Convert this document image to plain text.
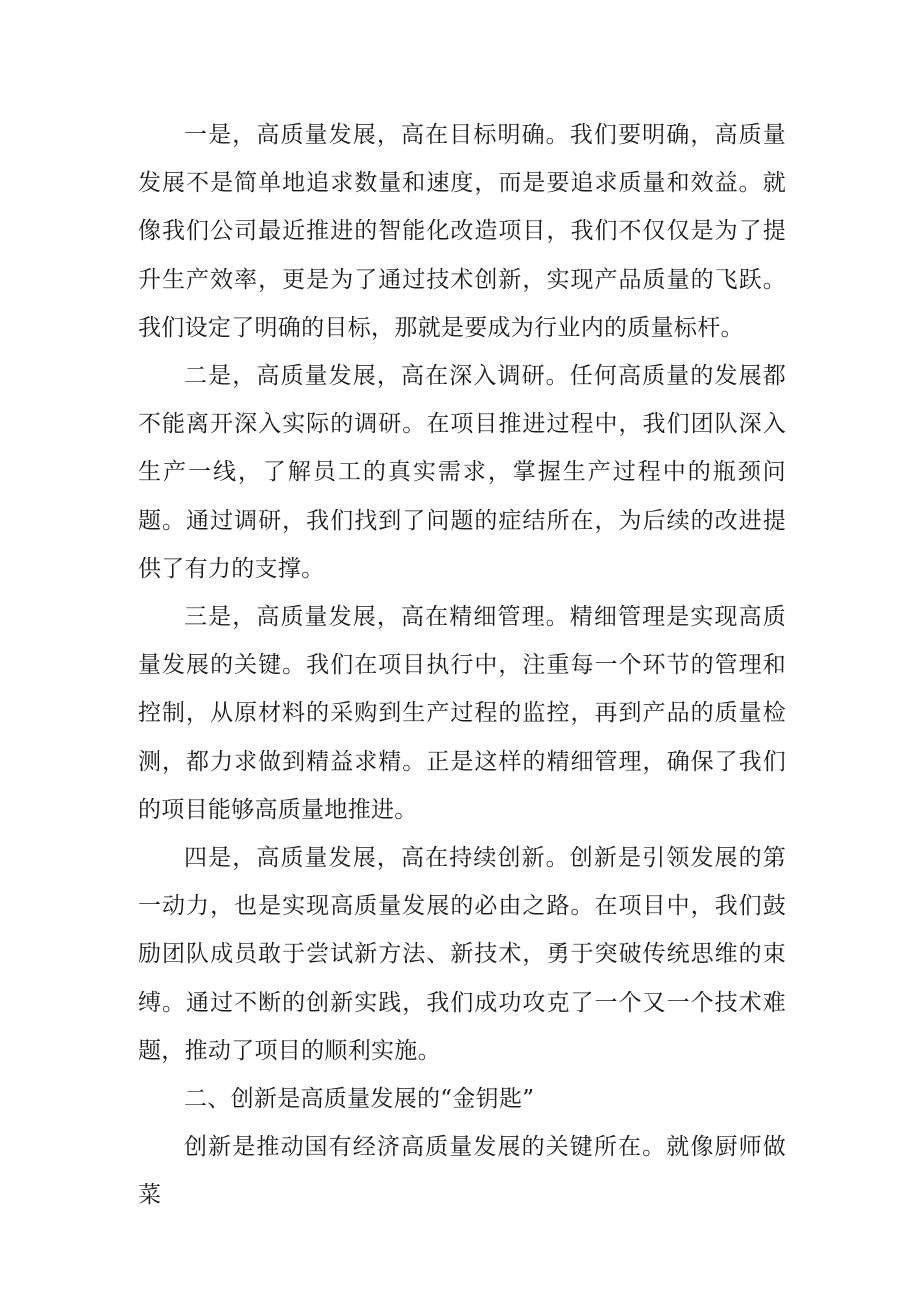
一是，高质量发展，高在目标明确。我们要明确，高质量发展不是简单地追求数量和速度，而是要追求质量和效益。就像我们公司最近推进的智能化改造项目，我们不仅仅是为了提升生产效率，更是为了通过技术创新，实现产品质量的飞跃。我们设定了明确的目标，那就是要成为行业内的质量标杆。

二是，高质量发展，高在深入调研。任何高质量的发展都不能离开深入实际的调研。在项目推进过程中，我们团队深入生产一线，了解员工的真实需求，掌握生产过程中的瓶颈问题。通过调研，我们找到了问题的症结所在，为后续的改进提供了有力的支撑。

三是，高质量发展，高在精细管理。精细管理是实现高质量发展的关键。我们在项目执行中，注重每一个环节的管理和控制，从原材料的采购到生产过程的监控，再到产品的质量检测，都力求做到精益求精。正是这样的精细管理，确保了我们的项目能够高质量地推进。

四是，高质量发展，高在持续创新。创新是引领发展的第一动力，也是实现高质量发展的必由之路。在项目中，我们鼓励团队成员敢于尝试新方法、新技术，勇于突破传统思维的束缚。通过不断的创新实践，我们成功攻克了一个又一个技术难题，推动了项目的顺利实施。

二、创新是高质量发展的“金钥匙”

创新是推动国有经济高质量发展的关键所在。就像厨师做菜
